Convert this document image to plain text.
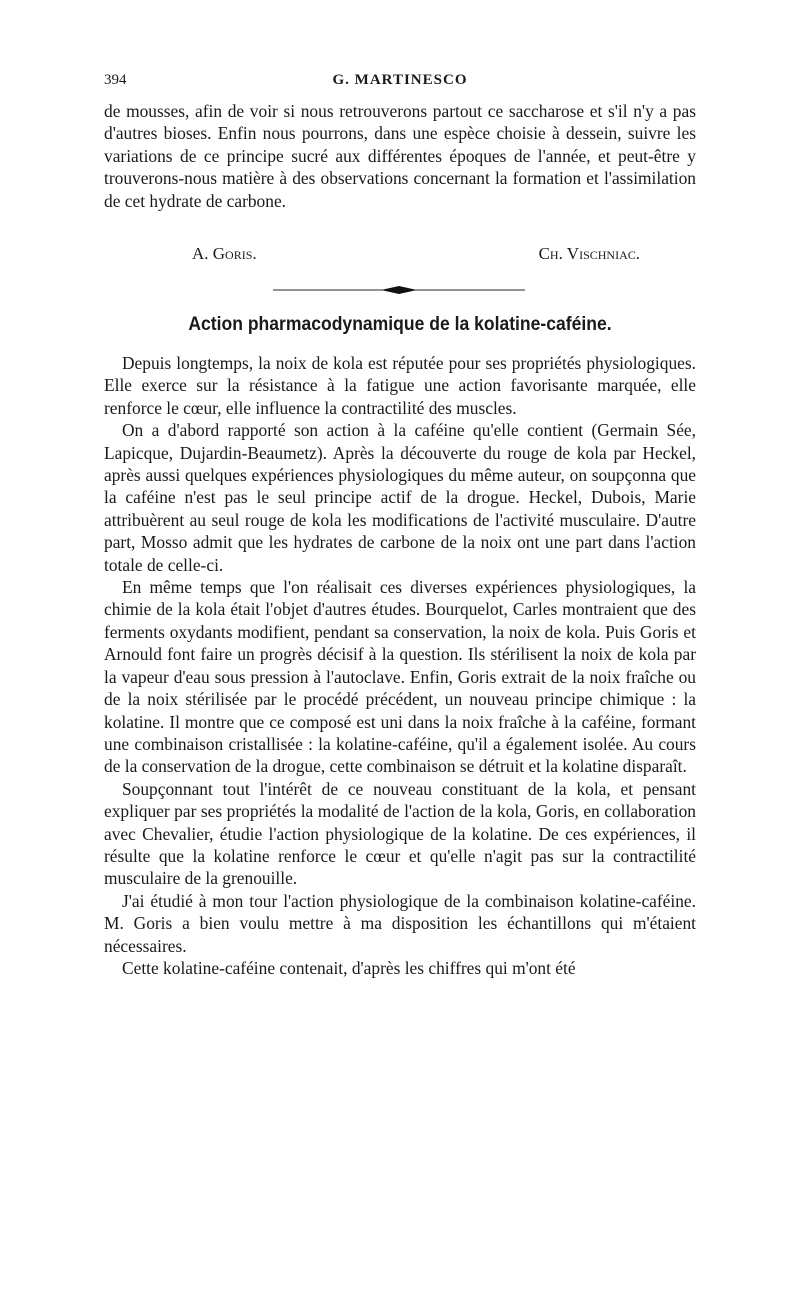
394	G. MARTINESCO

de mousses, afin de voir si nous retrouverons partout ce saccharose et s'il n'y a pas d'autres bioses. Enfin nous pourrons, dans une espèce choisie à dessein, suivre les variations de ce principe sucré aux différentes époques de l'année, et peut-être y trouverons-nous matière à des observations concernant la formation et l'assimilation de cet hydrate de carbone.

A. Goris.	Ch. Vischniac.
Action pharmacodynamique de la kolatine-caféine.

Depuis longtemps, la noix de kola est réputée pour ses propriétés physiologiques. Elle exerce sur la résistance à la fatigue une action favorisante marquée, elle renforce le cœur, elle influence la contractilité des muscles.

On a d'abord rapporté son action à la caféine qu'elle contient (Germain Sée, Lapicque, Dujardin-Beaumetz). Après la découverte du rouge de kola par Heckel, après aussi quelques expériences physiologiques du même auteur, on soupçonna que la caféine n'est pas le seul principe actif de la drogue. Heckel, Dubois, Marie attribuèrent au seul rouge de kola les modifications de l'activité musculaire. D'autre part, Mosso admit que les hydrates de carbone de la noix ont une part dans l'action totale de celle-ci.

En même temps que l'on réalisait ces diverses expériences physiologiques, la chimie de la kola était l'objet d'autres études. Bourquelot, Carles montraient que des ferments oxydants modifient, pendant sa conservation, la noix de kola. Puis Goris et Arnould font faire un progrès décisif à la question. Ils stérilisent la noix de kola par la vapeur d'eau sous pression à l'autoclave. Enfin, Goris extrait de la noix fraîche ou de la noix stérilisée par le procédé précédent, un nouveau principe chimique : la kolatine. Il montre que ce composé est uni dans la noix fraîche à la caféine, formant une combinaison cristallisée : la kolatine-caféine, qu'il a également isolée. Au cours de la conservation de la drogue, cette combinaison se détruit et la kolatine disparaît.

Soupçonnant tout l'intérêt de ce nouveau constituant de la kola, et pensant expliquer par ses propriétés la modalité de l'action de la kola, Goris, en collaboration avec Chevalier, étudie l'action physiologique de la kolatine. De ces expériences, il résulte que la kolatine renforce le cœur et qu'elle n'agit pas sur la contractilité musculaire de la grenouille.

J'ai étudié à mon tour l'action physiologique de la combinaison kolatine-caféine. M. Goris a bien voulu mettre à ma disposition les échantillons qui m'étaient nécessaires.

Cette kolatine-caféine contenait, d'après les chiffres qui m'ont été
